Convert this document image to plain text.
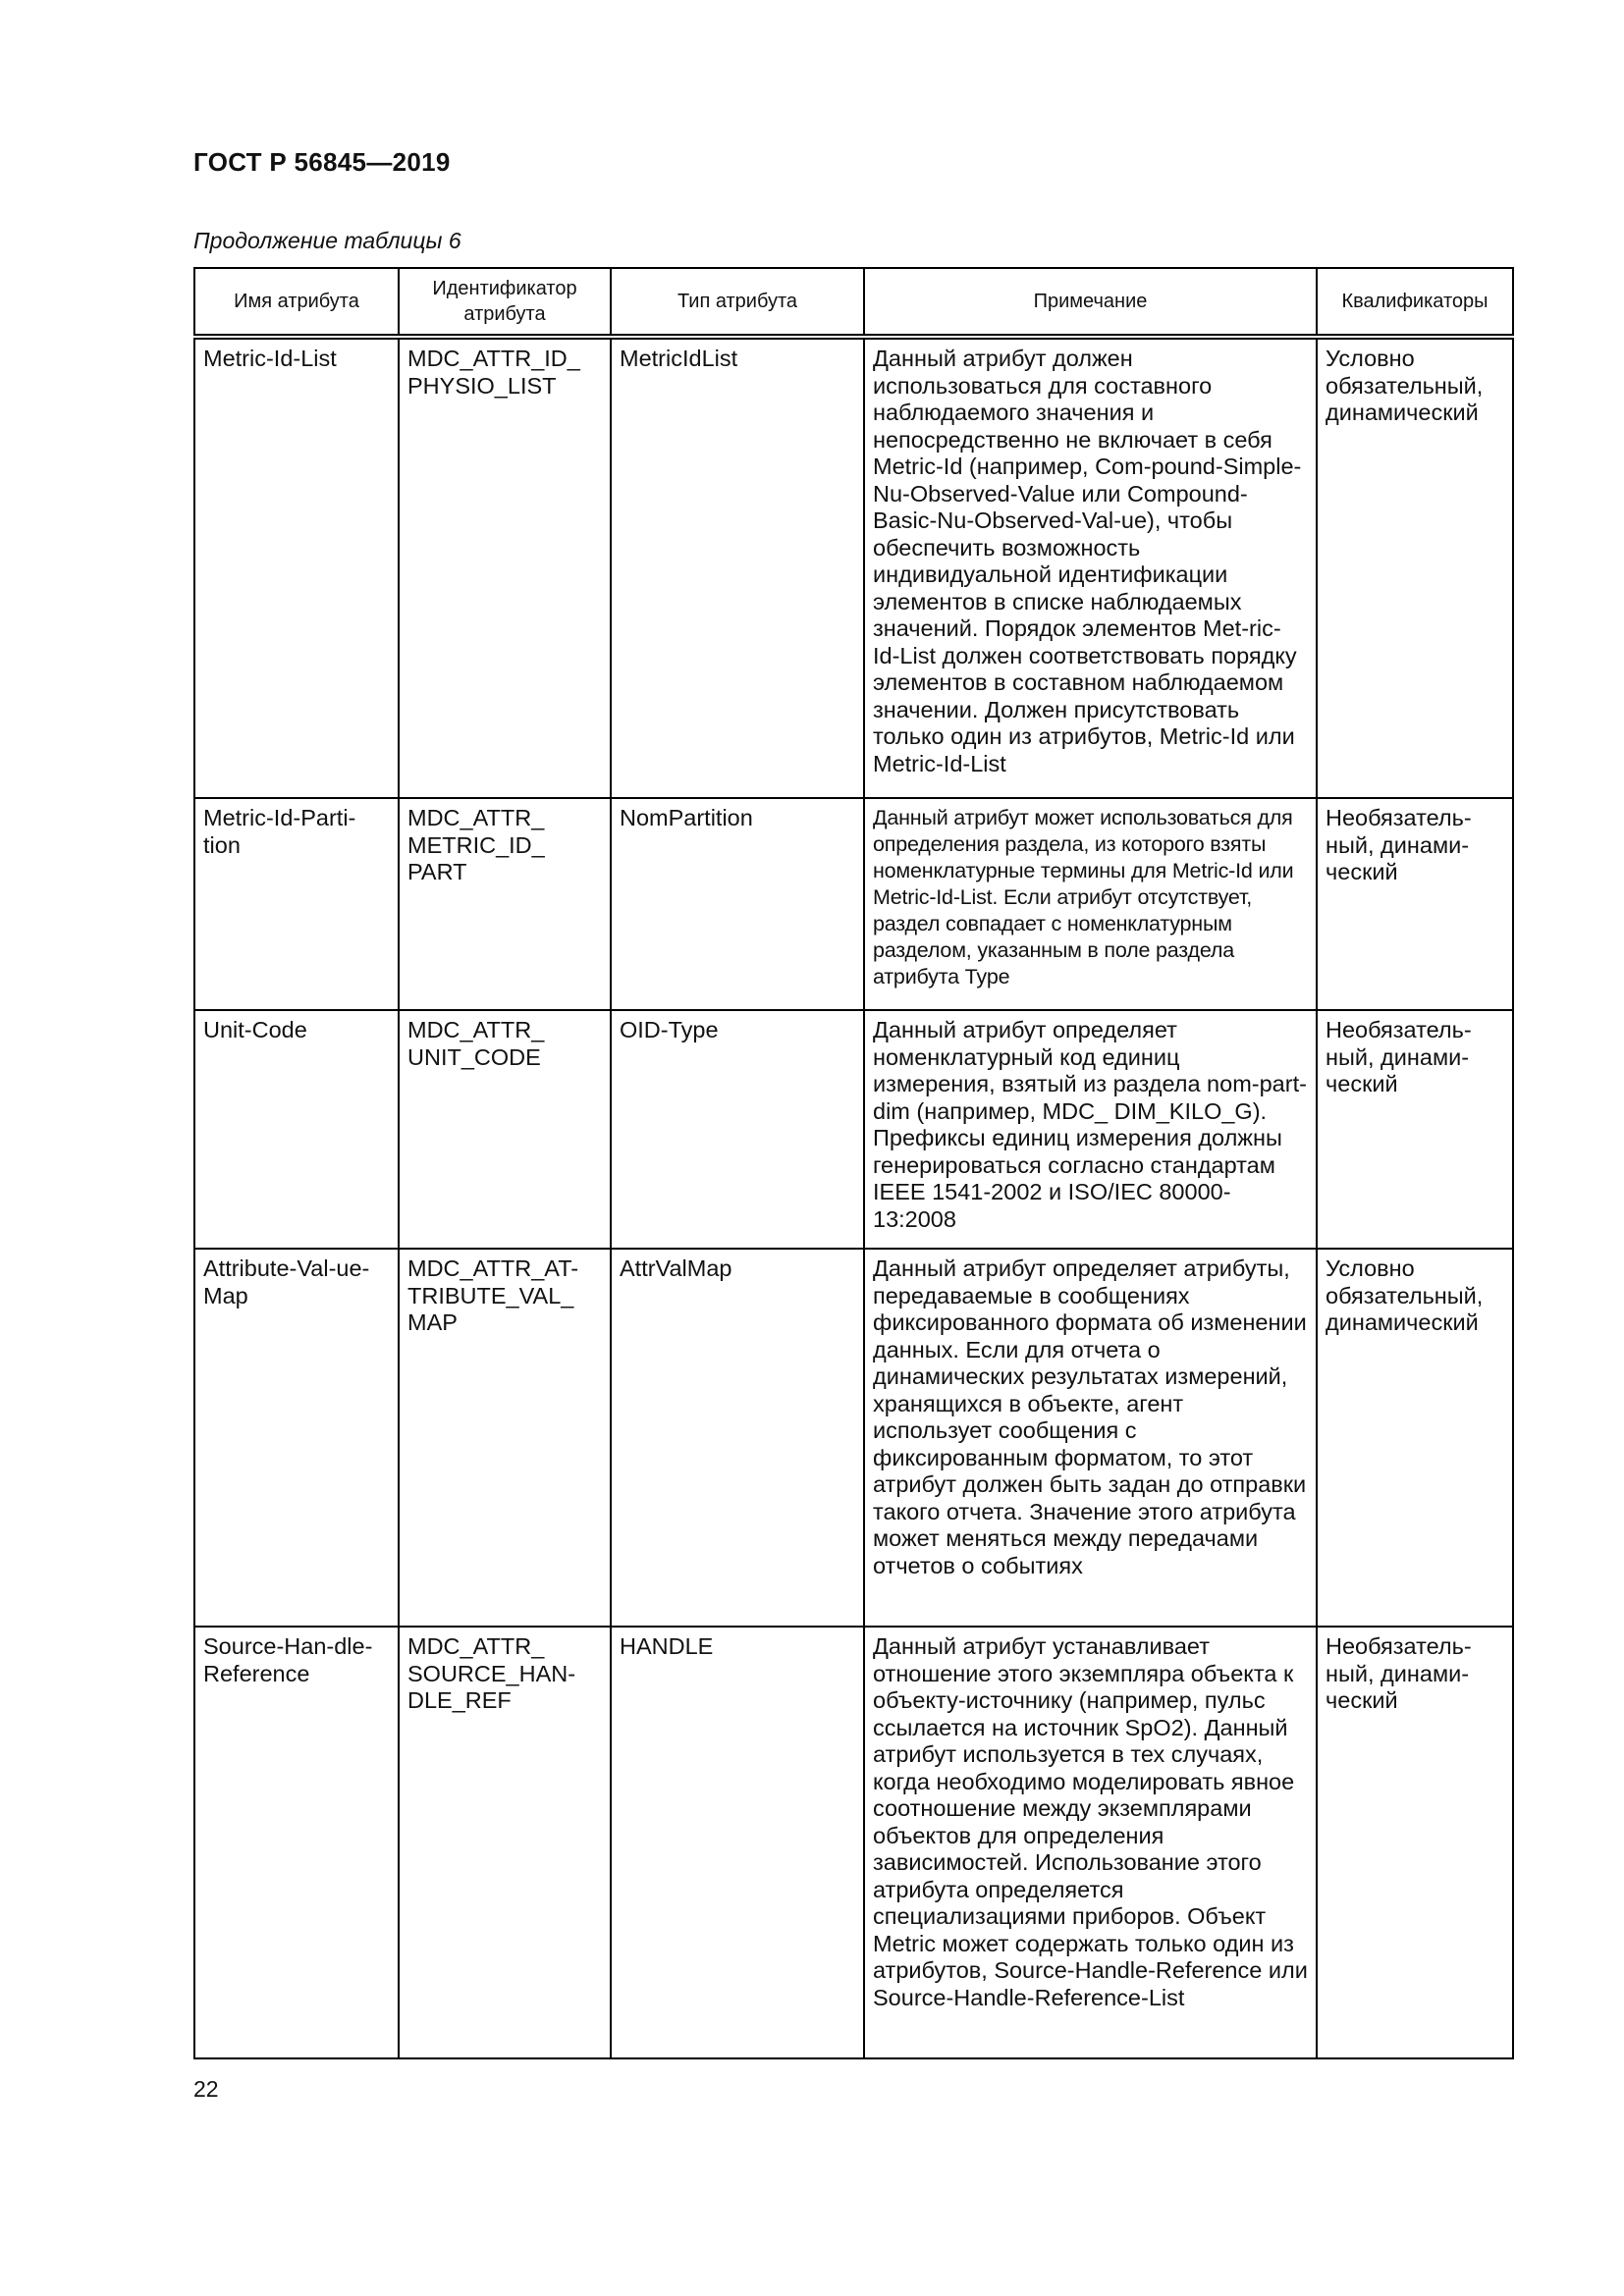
ГОСТ Р 56845—2019
Продолжение таблицы 6
Имя атрибута	Идентификатор атрибута	Тип атрибута	Примечание	Квалификаторы
Metric-Id-List	MDC_ATTR_ID_ PHYSIO_LIST	MetricIdList	Данный атрибут должен использоваться для составного наблюдаемого значения и непосредственно не включает в себя Metric-Id (например, Com-pound-Simple-Nu-Observed-Value или Compound-Basic-Nu-Observed-Val-ue), чтобы обеспечить возможность индивидуальной идентификации элементов в списке наблюдаемых значений. Порядок элементов Met-ric-Id-List должен соответствовать порядку элементов в составном наблюдаемом значении. Должен присутствовать только один из атрибутов, Metric-Id или Metric-Id-List	Условно обязательный, динамический
Metric-Id-Parti-tion	MDC_ATTR_ METRIC_ID_ PART	NomPartition	Данный атрибут может использоваться для определения раздела, из которого взяты номенклатурные термины для Metric-Id или Metric-Id-List. Если атрибут отсутствует, раздел совпадает с номенклатурным разделом, указанным в поле раздела атрибута Type	Необязатель-ный, динами-ческий
Unit-Code	MDC_ATTR_ UNIT_CODE	OID-Type	Данный атрибут определяет номенклатурный код единиц измерения, взятый из раздела nom-part-dim (например, MDC_ DIM_KILO_G). Префиксы единиц измерения должны генерироваться согласно стандартам IEEE 1541-2002 и ISO/IEC 80000-13:2008	Необязатель-ный, динами-ческий
Attribute-Val-ue-Map	MDC_ATTR_AT-TRIBUTE_VAL_ MAP	AttrValMap	Данный атрибут определяет атрибуты, передаваемые в сообщениях фиксированного формата об изменении данных. Если для отчета о динамических результатах измерений, хранящихся в объекте, агент использует сообщения с фиксированным форматом, то этот атрибут должен быть задан до отправки такого отчета. Значение этого атрибута может меняться между передачами отчетов о событиях	Условно обязательный, динамический
Source-Han-dle-Reference	MDC_ATTR_ SOURCE_HAN-DLE_REF	HANDLE	Данный атрибут устанавливает отношение этого экземпляра объекта к объекту-источнику (например, пульс ссылается на источник SpO2). Данный атрибут используется в тех случаях, когда необходимо моделировать явное соотношение между экземплярами объектов для определения зависимостей. Использование этого атрибута определяется специализациями приборов. Объект Metric может содержать только один из атрибутов, Source-Handle-Reference или Source-Handle-Reference-List	Необязатель-ный, динами-ческий
22
